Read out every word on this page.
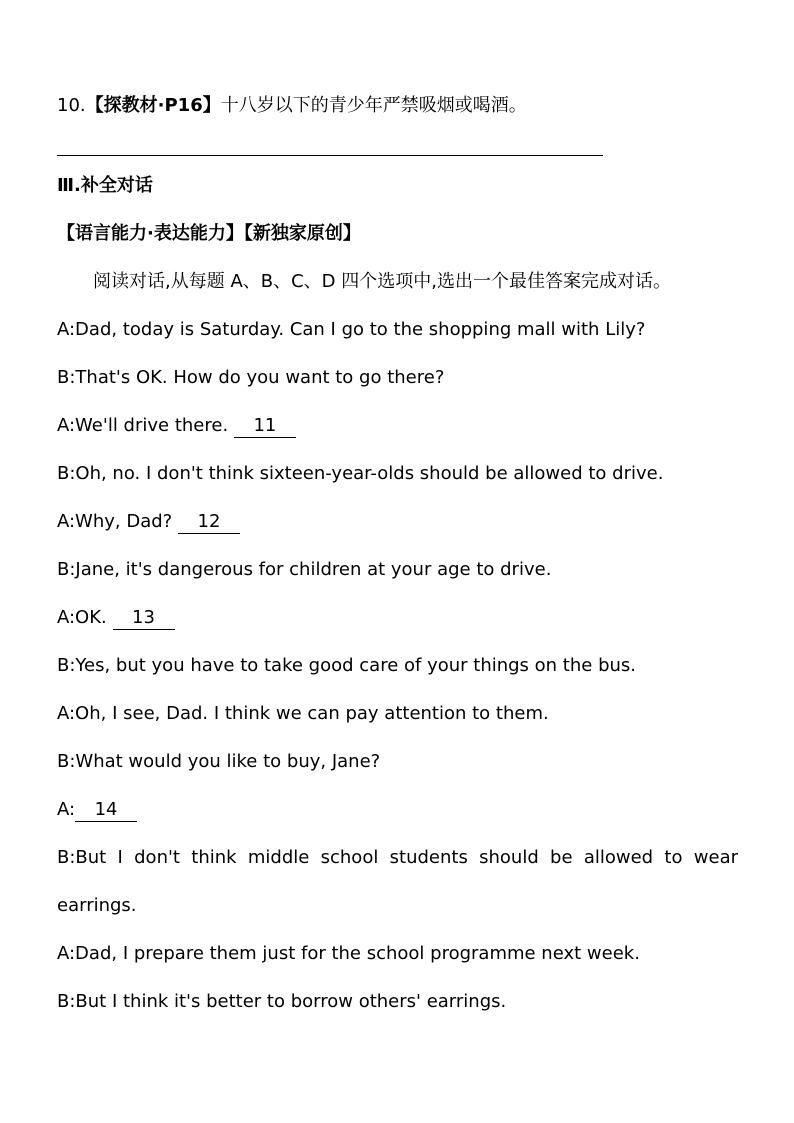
10.【探教材·P16】十八岁以下的青少年严禁吸烟或喝酒。
Ⅲ.补全对话
【语言能力·表达能力】【新独家原创】
阅读对话,从每题 A、B、C、D 四个选项中,选出一个最佳答案完成对话。
A:Dad, today is Saturday. Can I go to the shopping mall with Lily?
B:That's OK. How do you want to go there?
A:We'll drive there. 11
B:Oh, no. I don't think sixteen-year-olds should be allowed to drive.
A:Why, Dad? 12
B:Jane, it's dangerous for children at your age to drive.
A:OK. 13
B:Yes, but you have to take good care of your things on the bus.
A:Oh, I see, Dad. I think we can pay attention to them.
B:What would you like to buy, Jane?
A: 14
B:But I don't think middle school students should be allowed to wear
earrings.
A:Dad, I prepare them just for the school programme next week.
B:But I think it's better to borrow others' earrings.
